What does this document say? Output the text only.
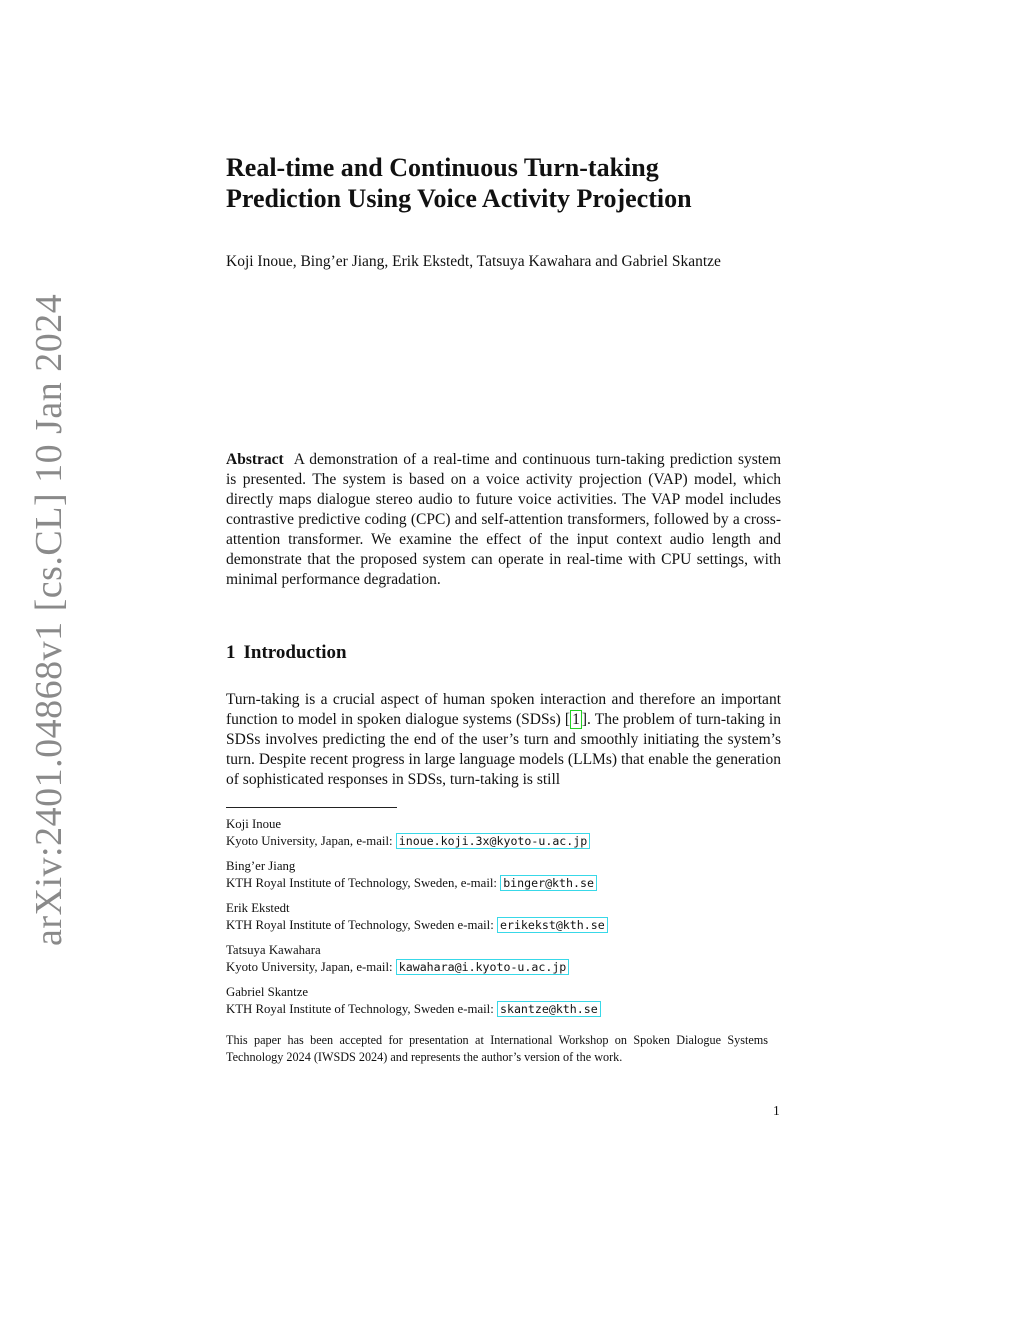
arXiv:2401.04868v1 [cs.CL] 10 Jan 2024
Real-time and Continuous Turn-taking
Prediction Using Voice Activity Projection
Koji Inoue, Bing’er Jiang, Erik Ekstedt, Tatsuya Kawahara and Gabriel Skantze

Abstract A demonstration of a real-time and continuous turn-taking prediction system is presented. The system is based on a voice activity projection (VAP) model, which directly maps dialogue stereo audio to future voice activities. The VAP model includes contrastive predictive coding (CPC) and self-attention transformers, followed by a cross-attention transformer. We examine the effect of the input context audio length and demonstrate that the proposed system can operate in real-time with CPU settings, with minimal performance degradation.

1 Introduction

Turn-taking is a crucial aspect of human spoken interaction and therefore an important function to model in spoken dialogue systems (SDSs) [ 1 ]. The problem of turn-taking in SDSs involves predicting the end of the user’s turn and smoothly initiating the system’s turn. Despite recent progress in large language models (LLMs) that enable the generation of sophisticated responses in SDSs, turn-taking is still

Koji Inoue
Kyoto University, Japan, e-mail: inoue.koji.3x@kyoto-u.ac.jp
Bing’er Jiang
KTH Royal Institute of Technology, Sweden, e-mail: binger@kth.se
Erik Ekstedt
KTH Royal Institute of Technology, Sweden e-mail: erikekst@kth.se
Tatsuya Kawahara
Kyoto University, Japan, e-mail: kawahara@i.kyoto-u.ac.jp
Gabriel Skantze
KTH Royal Institute of Technology, Sweden e-mail: skantze@kth.se

This paper has been accepted for presentation at International Workshop on Spoken Dialogue Systems Technology 2024 (IWSDS 2024) and represents the author’s version of the work.

1
